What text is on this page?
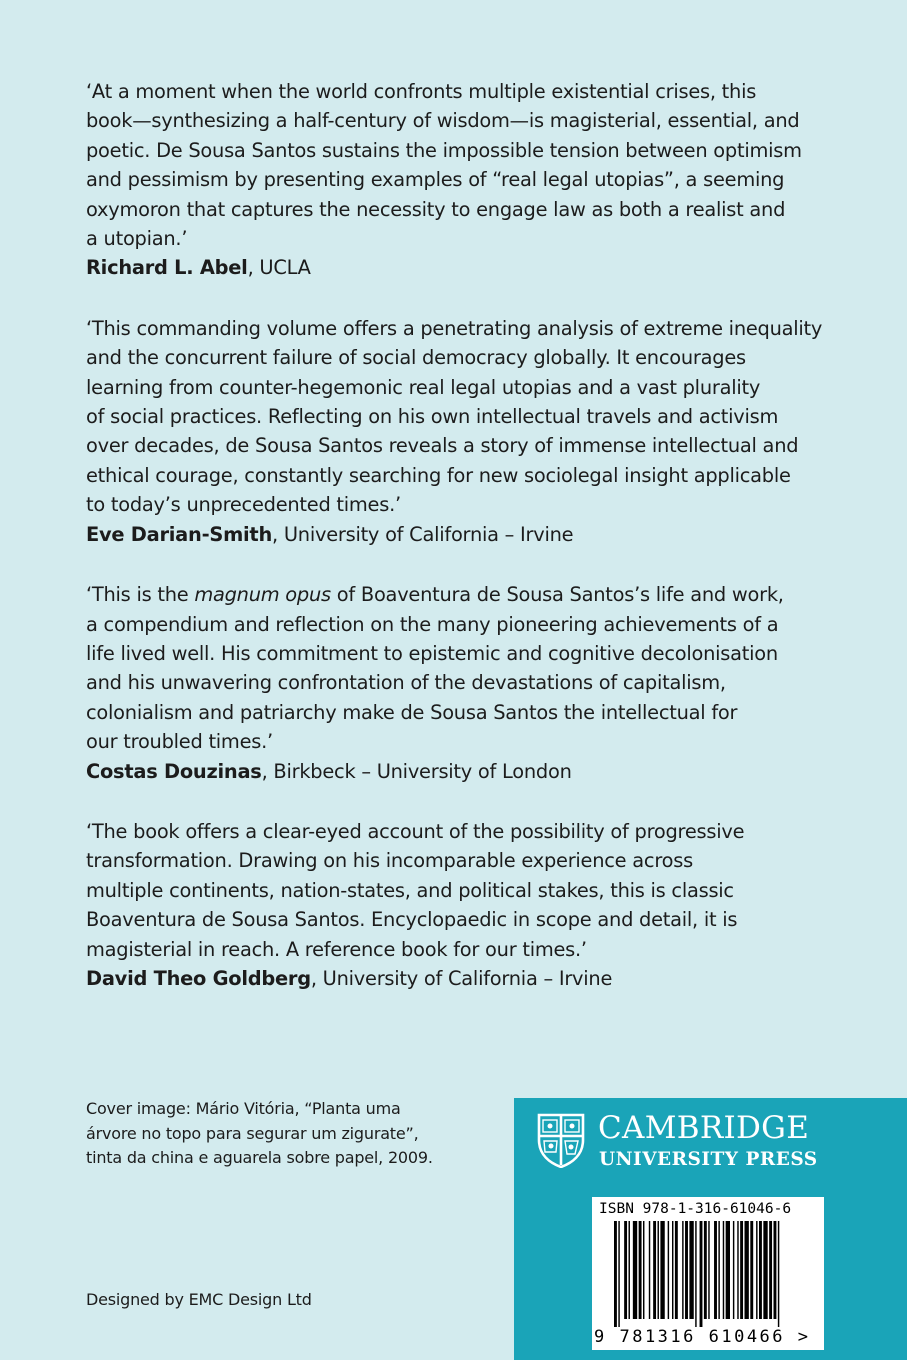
‘At a moment when the world confronts multiple existential crises, this

book—synthesizing a half-century of wisdom—is magisterial, essential, and

poetic. De Sousa Santos sustains the impossible tension between optimism

and pessimism by presenting examples of “real legal utopias”, a seeming

oxymoron that captures the necessity to engage law as both a realist and

a utopian.’

Richard L. Abel, UCLA

‘This commanding volume offers a penetrating analysis of extreme inequality

and the concurrent failure of social democracy globally. It encourages

learning from counter-hegemonic real legal utopias and a vast plurality

of social practices. Reflecting on his own intellectual travels and activism

over decades, de Sousa Santos reveals a story of immense intellectual and

ethical courage, constantly searching for new sociolegal insight applicable

to today’s unprecedented times.’

Eve Darian-Smith, University of California – Irvine

‘This is the magnum opus of Boaventura de Sousa Santos’s life and work,

a compendium and reflection on the many pioneering achievements of a

life lived well. His commitment to epistemic and cognitive decolonisation

and his unwavering confrontation of the devastations of capitalism,

colonialism and patriarchy make de Sousa Santos the intellectual for

our troubled times.’

Costas Douzinas, Birkbeck – University of London

‘The book offers a clear-eyed account of the possibility of progressive

transformation. Drawing on his incomparable experience across

multiple continents, nation-states, and political stakes, this is classic

Boaventura de Sousa Santos. Encyclopaedic in scope and detail, it is

magisterial in reach. A reference book for our times.’

David Theo Goldberg, University of California – Irvine
Cover image: Mário Vitória, “Planta uma
árvore no topo para segurar um zigurate”,
tinta da china e aguarela sobre papel, 2009.
Designed by EMC Design Ltd
CAMBRIDGE
UNIVERSITY PRESS
ISBN 978-1-316-61046-6
9 781316 610466 >
